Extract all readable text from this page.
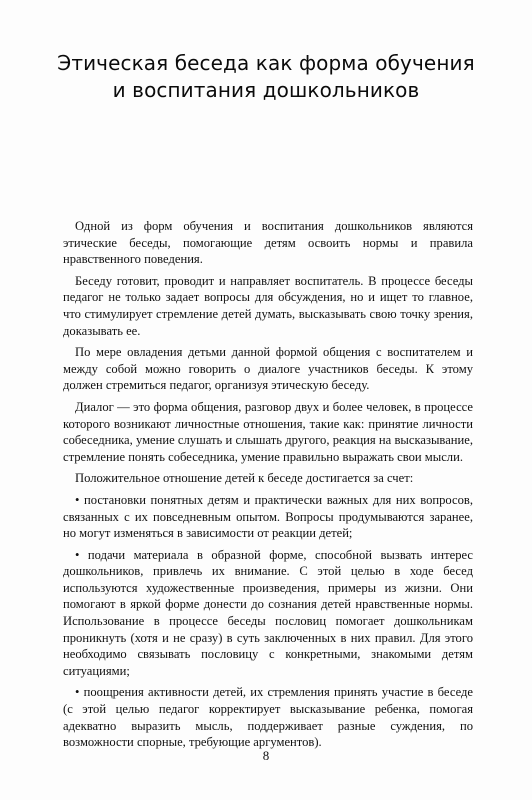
Этическая беседа как форма обучения
и воспитания дошкольников

Одной из форм обучения и воспитания дошкольников являются этические беседы, помогающие детям освоить нормы и правила нравственного поведения.

Беседу готовит, проводит и направляет воспитатель. В процессе беседы педагог не только задает вопросы для обсуждения, но и ищет то главное, что стимулирует стремление детей думать, высказывать свою точку зрения, доказывать ее.

По мере овладения детьми данной формой общения с воспитателем и между собой можно говорить о диалоге участников беседы. К этому должен стремиться педагог, организуя этическую беседу.

Диалог — это форма общения, разговор двух и более человек, в процессе которого возникают личностные отношения, такие как: принятие личности собеседника, умение слушать и слышать другого, реакция на высказывание, стремление понять собеседника, умение правильно выражать свои мысли.

Положительное отношение детей к беседе достигается за счет:

• постановки понятных детям и практически важных для них вопросов, связанных с их повседневным опытом. Вопросы продумываются заранее, но могут изменяться в зависимости от реакции детей;

• подачи материала в образной форме, способной вызвать интерес дошкольников, привлечь их внимание. С этой целью в ходе бесед используются художественные произведения, примеры из жизни. Они помогают в яркой форме донести до сознания детей нравственные нормы. Использование в процессе беседы пословиц помогает дошкольникам проникнуть (хотя и не сразу) в суть заключенных в них правил. Для этого необходимо связывать пословицу с конкретными, знакомыми детям ситуациями;

• поощрения активности детей, их стремления принять участие в беседе (с этой целью педагог корректирует высказывание ребенка, помогая адекватно выразить мысль, поддерживает разные суждения, по возможности спорные, требующие аргументов).

8
